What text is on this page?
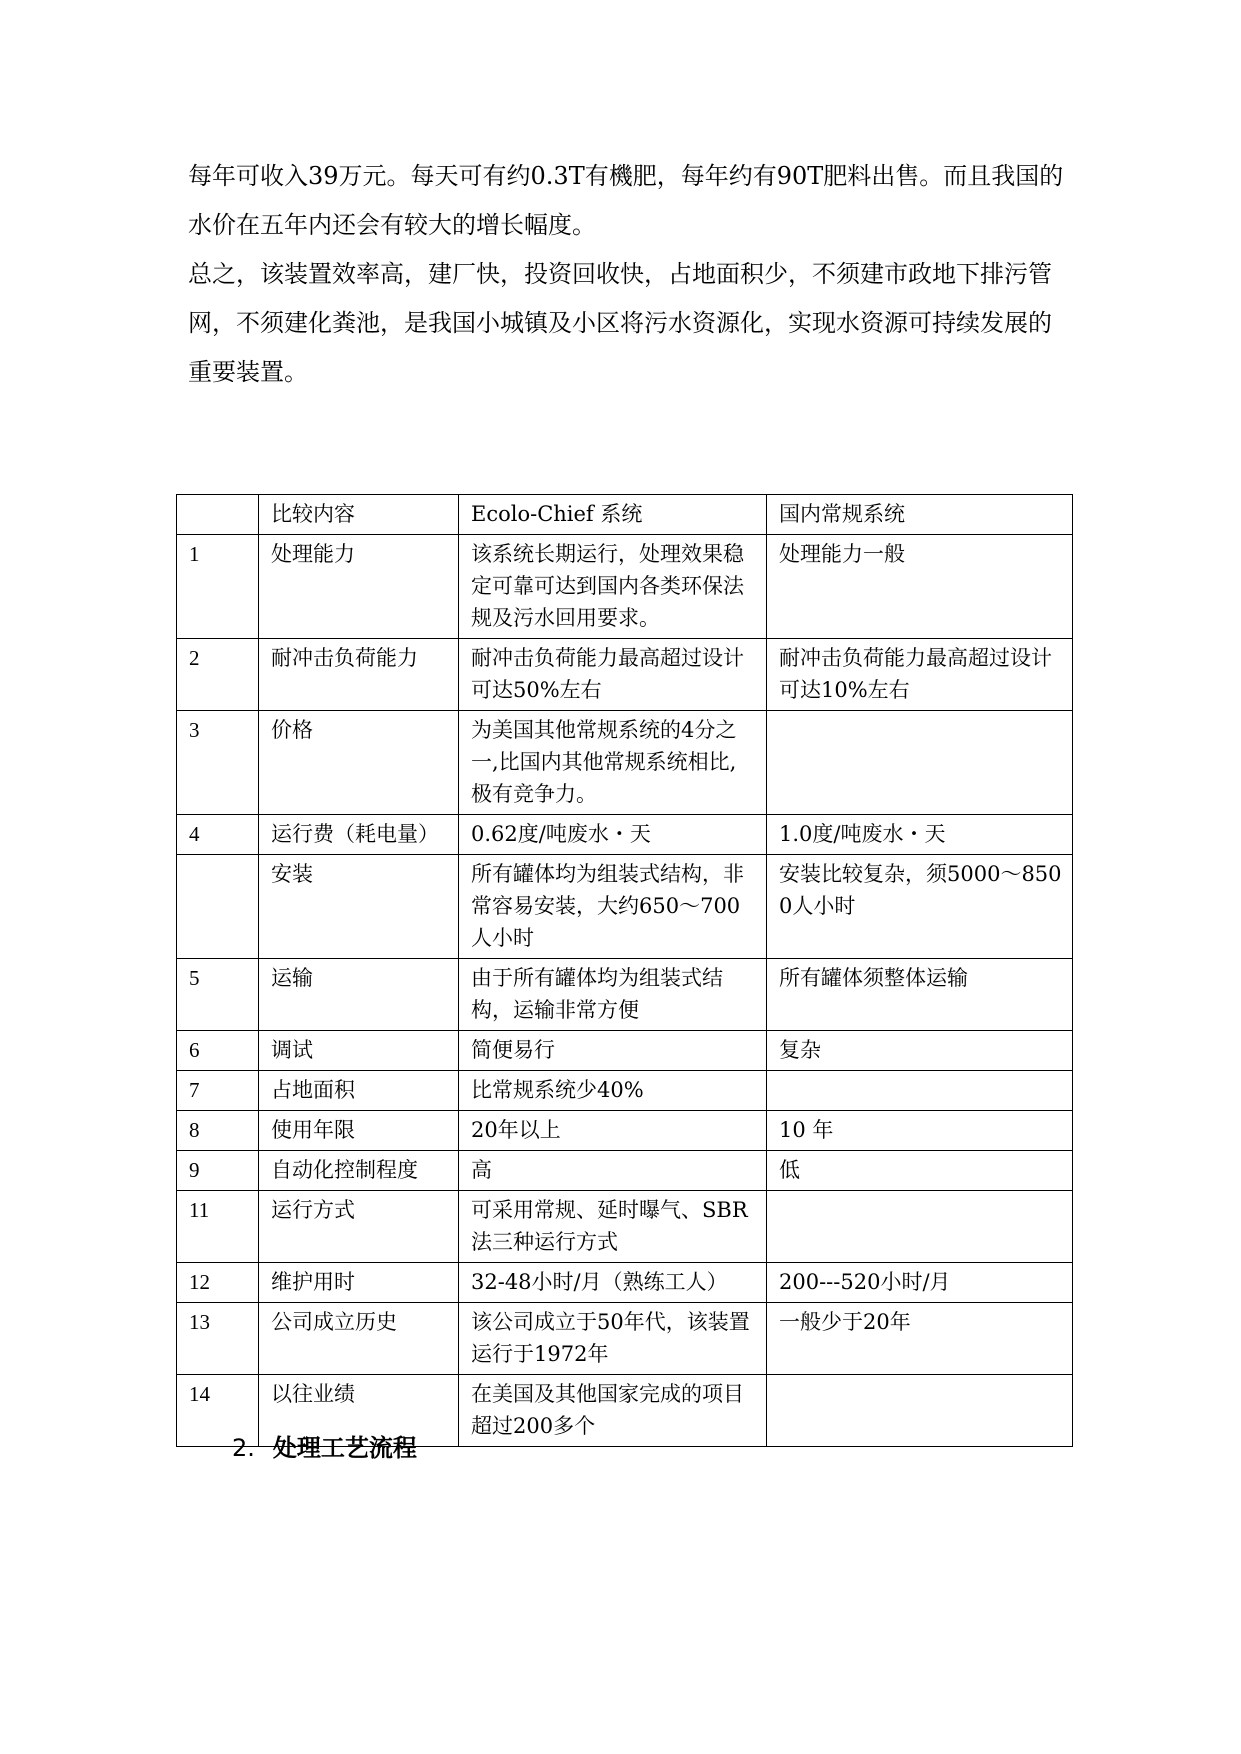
每年可收入39万元。每天可有约0.3T有機肥，每年约有90T肥料出售。而且我国的水价在五年内还会有较大的增长幅度。

总之，该装置效率高，建厂快，投资回收快，占地面积少，不须建市政地下排污管网，不须建化粪池，是我国小城镇及小区将污水资源化，实现水资源可持续发展的重要装置。

	比较内容	Ecolo-Chief 系统	国内常规系统
1	处理能力	该系统长期运行，处理效果稳定可靠可达到国内各类环保法规及污水回用要求。	处理能力一般
2	耐冲击负荷能力	耐冲击负荷能力最高超过设计可达50%左右	耐冲击负荷能力最高超过设计可达10%左右
3	价格	为美国其他常规系统的4分之一,比国内其他常规系统相比,极有竞争力。	
4	运行费（耗电量）	0.62度/吨废水・天	1.0度/吨废水・天
	安装	所有罐体均为组装式结构，非常容易安装，大约650～700人小时	安装比较复杂，须5000～8500人小时
5	运输	由于所有罐体均为组装式结构，运输非常方便	所有罐体须整体运输
6	调试	简便易行	复杂
7	占地面积	比常规系统少40%	
8	使用年限	20年以上	10 年
9	自动化控制程度	高	低
11	运行方式	可采用常规、延时曝气、SBR法三种运行方式	
12	维护用时	32-48小时/月（熟练工人）	200---520小时/月
13	公司成立历史	该公司成立于50年代，该装置运行于1972年	一般少于20年
14	以往业绩	在美国及其他国家完成的项目超过200多个	
2. 处理工艺流程
